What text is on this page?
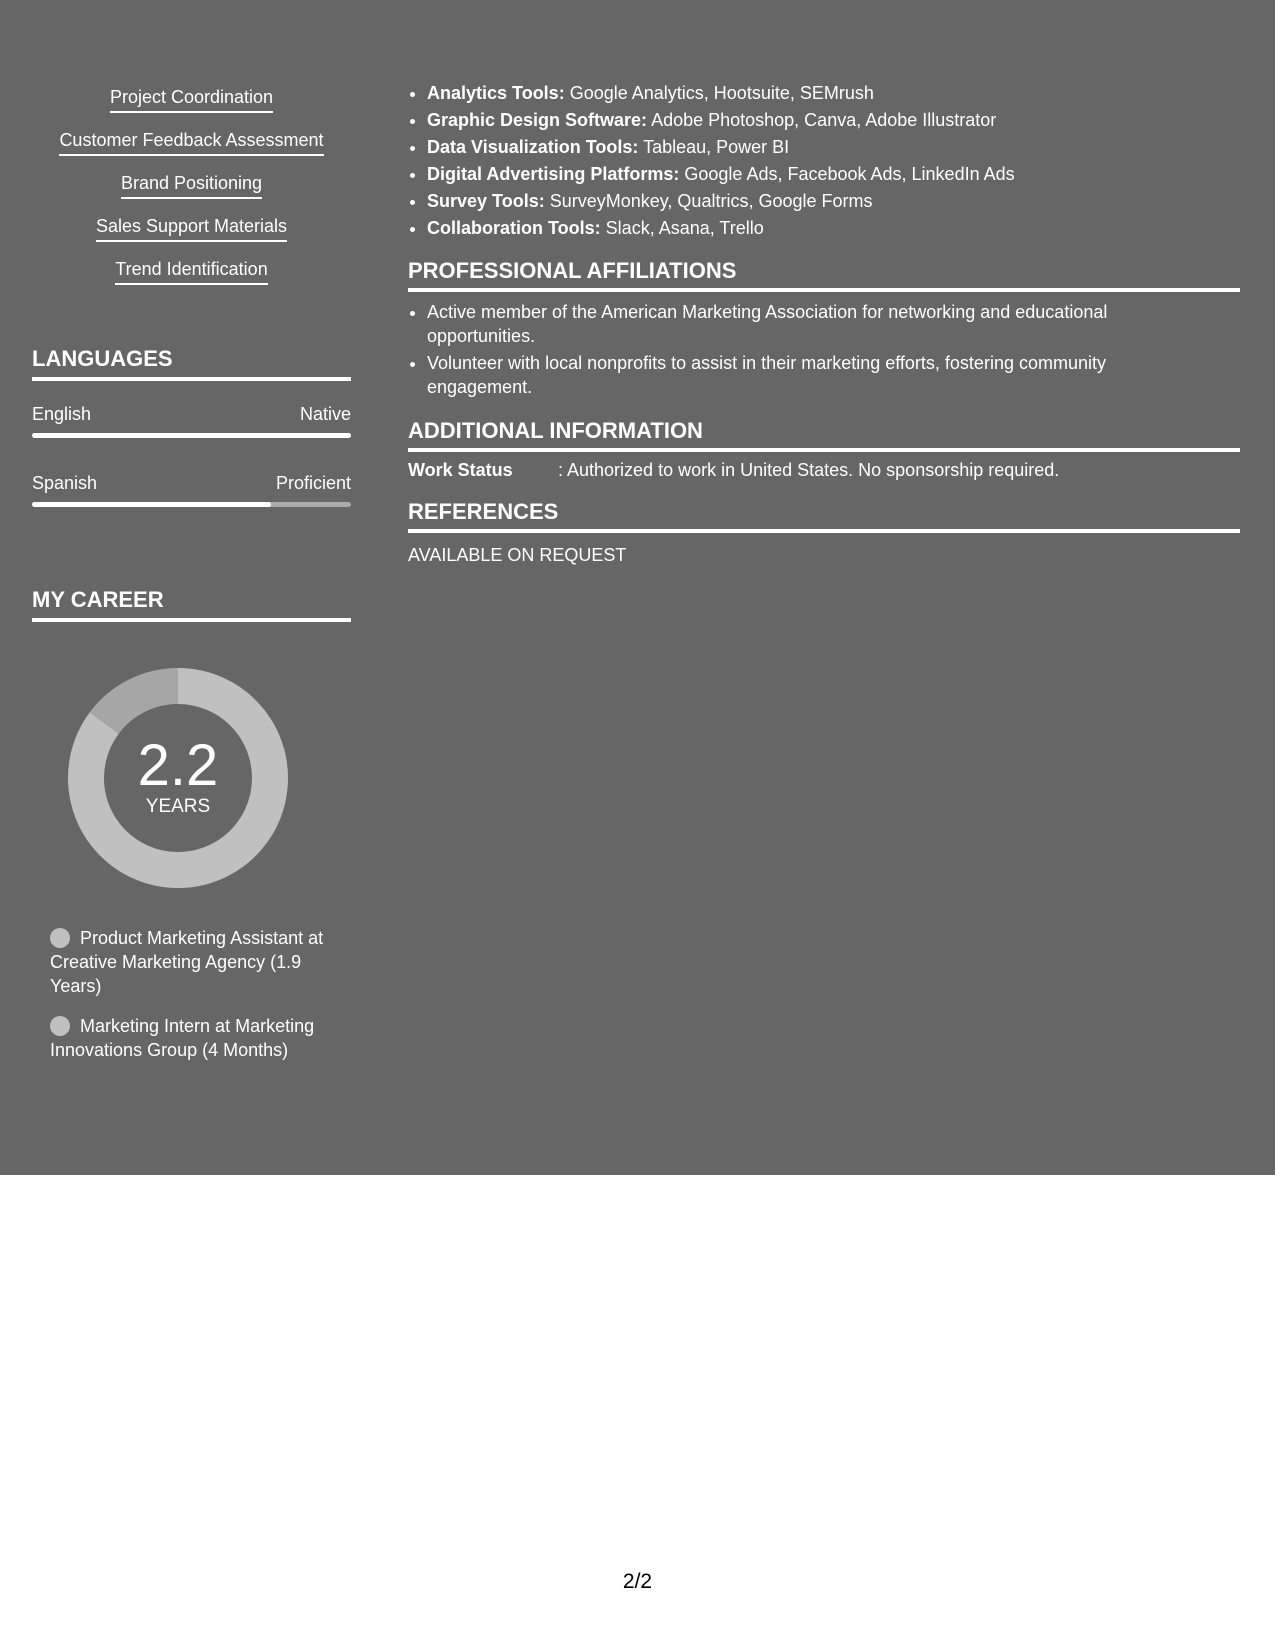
Project Coordination
Customer Feedback Assessment
Brand Positioning
Sales Support Materials
Trend Identification
LANGUAGES
English	Native
Spanish	Proficient
MY CAREER
2.2
YEARS
Product Marketing Assistant at Creative Marketing Agency (1.9 Years)
Marketing Intern at Marketing Innovations Group (4 Months)
• Analytics Tools: Google Analytics, Hootsuite, SEMrush
• Graphic Design Software: Adobe Photoshop, Canva, Adobe Illustrator
• Data Visualization Tools: Tableau, Power BI
• Digital Advertising Platforms: Google Ads, Facebook Ads, LinkedIn Ads
• Survey Tools: SurveyMonkey, Qualtrics, Google Forms
• Collaboration Tools: Slack, Asana, Trello
PROFESSIONAL AFFILIATIONS
• Active member of the American Marketing Association for networking and educational opportunities.
• Volunteer with local nonprofits to assist in their marketing efforts, fostering community engagement.
ADDITIONAL INFORMATION
Work Status	: Authorized to work in United States. No sponsorship required.
REFERENCES
AVAILABLE ON REQUEST
2/2
